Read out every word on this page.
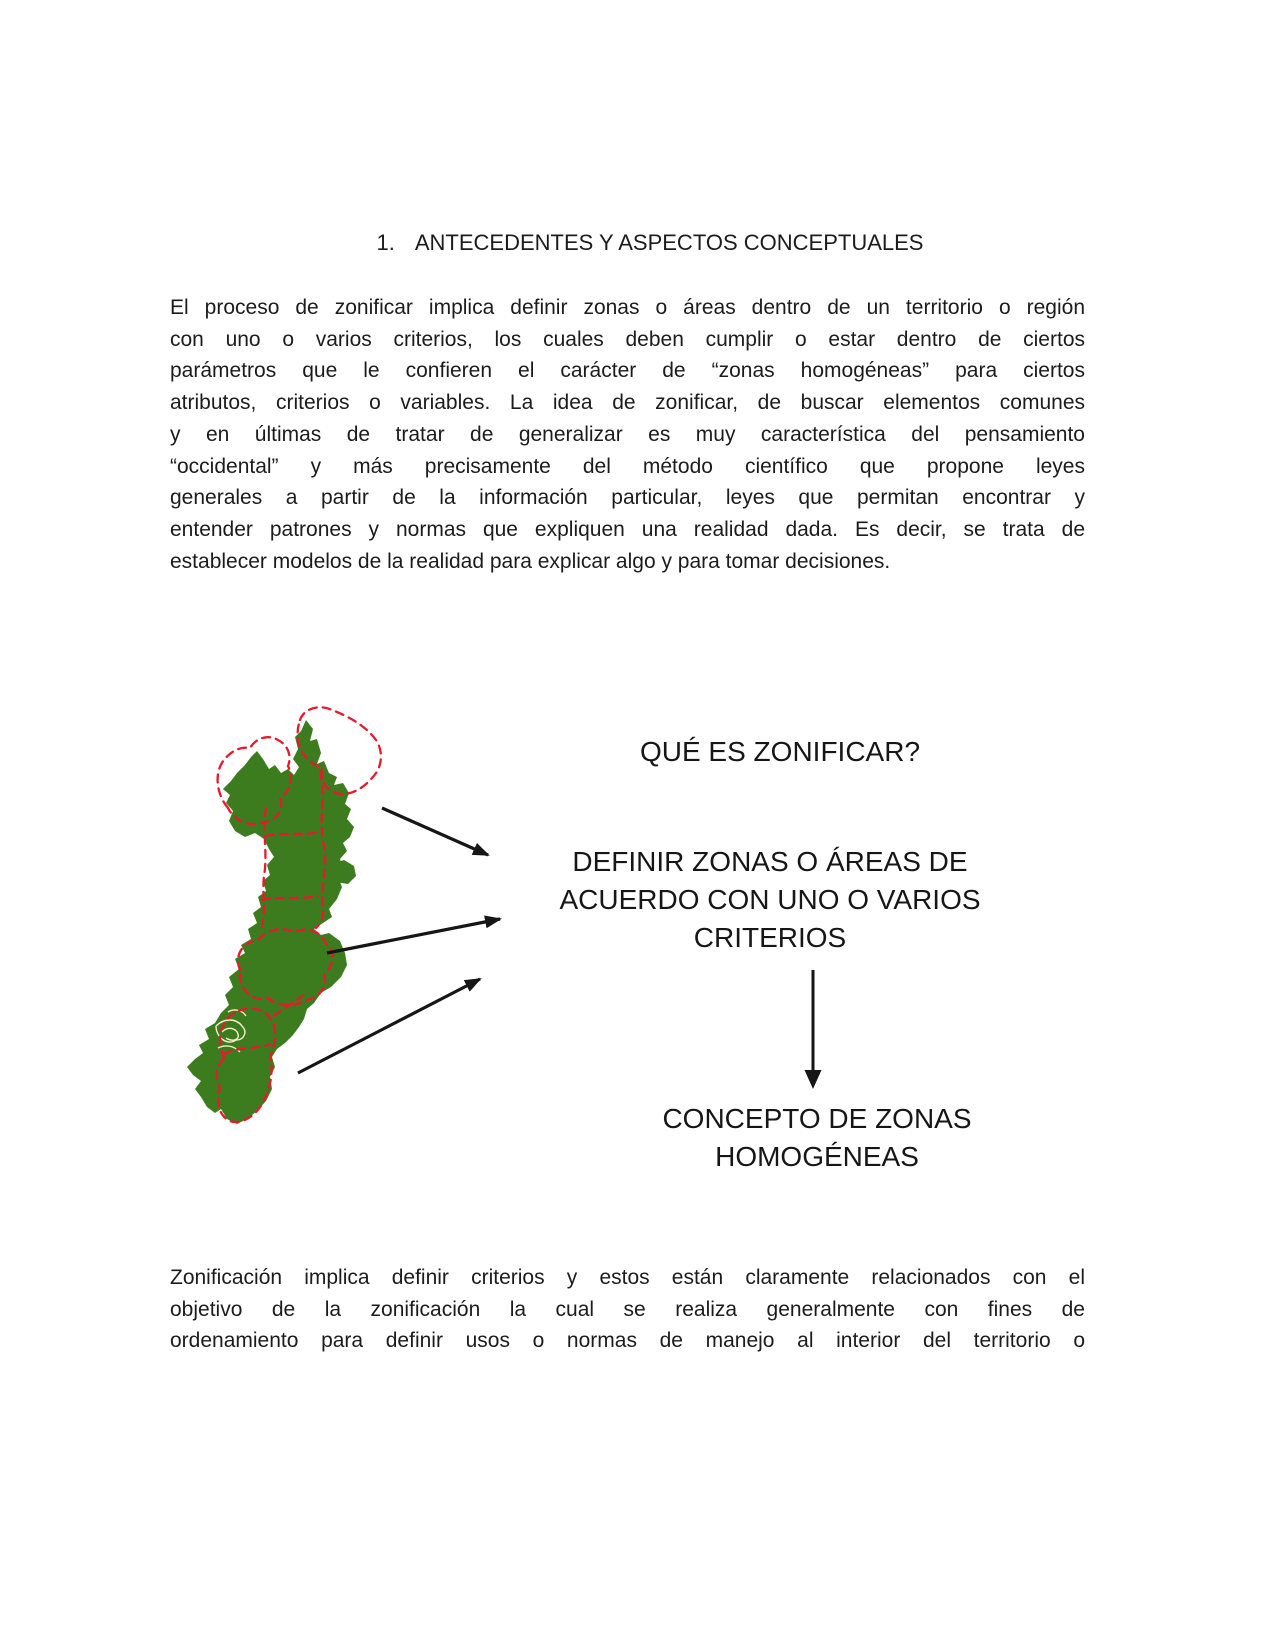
1. ANTECEDENTES Y ASPECTOS CONCEPTUALES
El proceso de zonificar implica definir zonas o áreas dentro de un territorio o región
con uno o varios criterios, los cuales deben cumplir o estar dentro de ciertos
parámetros que le confieren el carácter de “zonas homogéneas” para ciertos
atributos, criterios o variables. La idea de zonificar, de buscar elementos comunes
y en últimas de tratar de generalizar es muy característica del pensamiento
“occidental” y más precisamente del método científico que propone leyes
generales a partir de la información particular, leyes que permitan encontrar y
entender patrones y normas que expliquen una realidad dada. Es decir, se trata de
establecer modelos de la realidad para explicar algo y para tomar decisiones.
QUÉ ES ZONIFICAR?
DEFINIR ZONAS O ÁREAS DE
ACUERDO CON UNO O VARIOS
CRITERIOS
CONCEPTO DE ZONAS
HOMOGÉNEAS
Zonificación implica definir criterios y estos están claramente relacionados con el
objetivo de la zonificación la cual se realiza generalmente con fines de
ordenamiento para definir usos o normas de manejo al interior del territorio o
